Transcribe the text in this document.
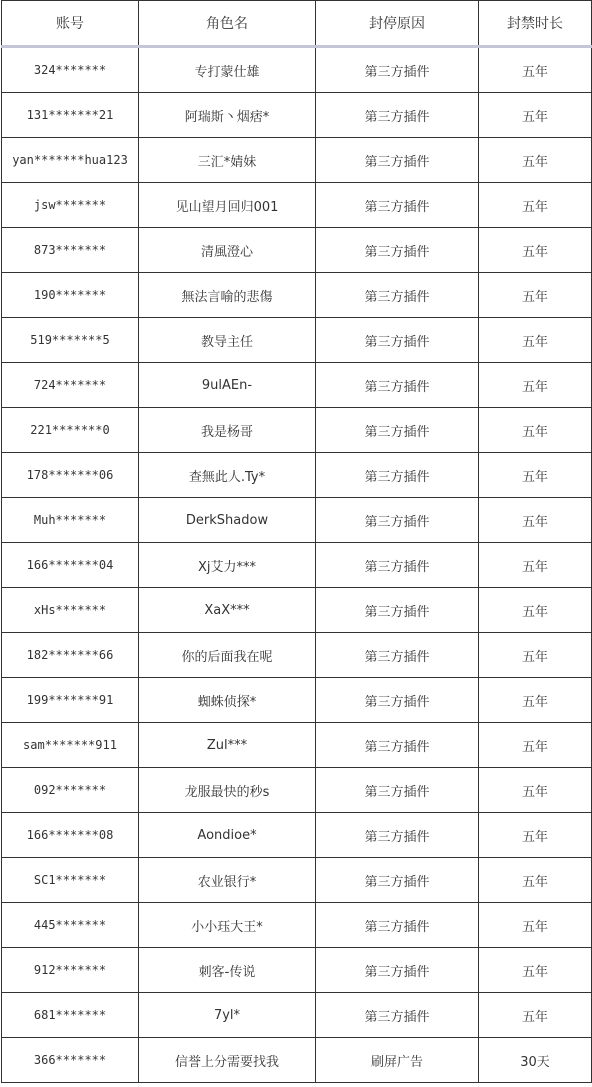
账号	角色名	封停原因	封禁时长
324*******	专打蒙仕雄	第三方插件	五年
131*******21	阿瑞斯丶烟痞*	第三方插件	五年
yan*******hua123	三汇*婧妹	第三方插件	五年
jsw*******	见山望月回归001	第三方插件	五年
873*******	清風澄心	第三方插件	五年
190*******	無法言喻的悲傷	第三方插件	五年
519*******5	教导主任	第三方插件	五年
724*******	9ulAEn-	第三方插件	五年
221*******0	我是杨哥	第三方插件	五年
178*******06	查無此人.Ty*	第三方插件	五年
Muh*******	DerkShadow	第三方插件	五年
166*******04	Xj艾力***	第三方插件	五年
xHs*******	XaX***	第三方插件	五年
182*******66	你的后面我在呢	第三方插件	五年
199*******91	蜘蛛侦探*	第三方插件	五年
sam*******911	Zul***	第三方插件	五年
092*******	龙服最快的秒s	第三方插件	五年
166*******08	Aondioe*	第三方插件	五年
SC1*******	农业银行*	第三方插件	五年
445*******	小小珏大王*	第三方插件	五年
912*******	刺客-传说	第三方插件	五年
681*******	7yl*	第三方插件	五年
366*******	信誉上分需要找我	刷屏广告	30天
